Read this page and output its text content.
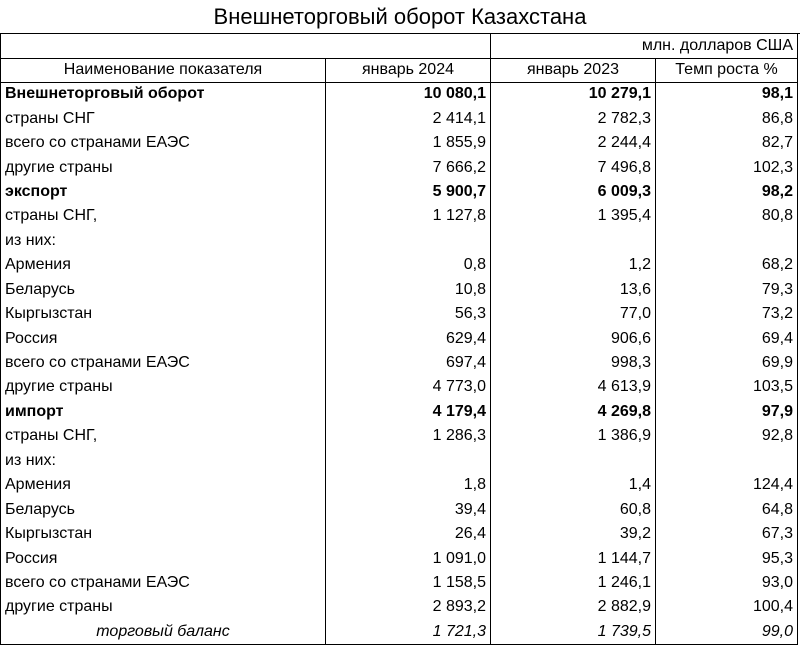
Внешнеторговый оборот Казахстана
		млн. долларов США	
Наименование показателя	январь 2024	январь 2023	Темп роста %
Внешнеторговый оборот	10 080,1	10 279,1	98,1
страны СНГ	2 414,1	2 782,3	86,8
всего со странами ЕАЭС	1 855,9	2 244,4	82,7
другие страны	7 666,2	7 496,8	102,3
экспорт	5 900,7	6 009,3	98,2
страны СНГ,	1 127,8	1 395,4	80,8
из них:			
Армения	0,8	1,2	68,2
Беларусь	10,8	13,6	79,3
Кыргызстан	56,3	77,0	73,2
Россия	629,4	906,6	69,4
всего со странами ЕАЭС	697,4	998,3	69,9
другие страны	4 773,0	4 613,9	103,5
импорт	4 179,4	4 269,8	97,9
страны СНГ,	1 286,3	1 386,9	92,8
из них:			
Армения	1,8	1,4	124,4
Беларусь	39,4	60,8	64,8
Кыргызстан	26,4	39,2	67,3
Россия	1 091,0	1 144,7	95,3
всего со странами ЕАЭС	1 158,5	1 246,1	93,0
другие страны	2 893,2	2 882,9	100,4
торговый баланс	1 721,3	1 739,5	99,0
